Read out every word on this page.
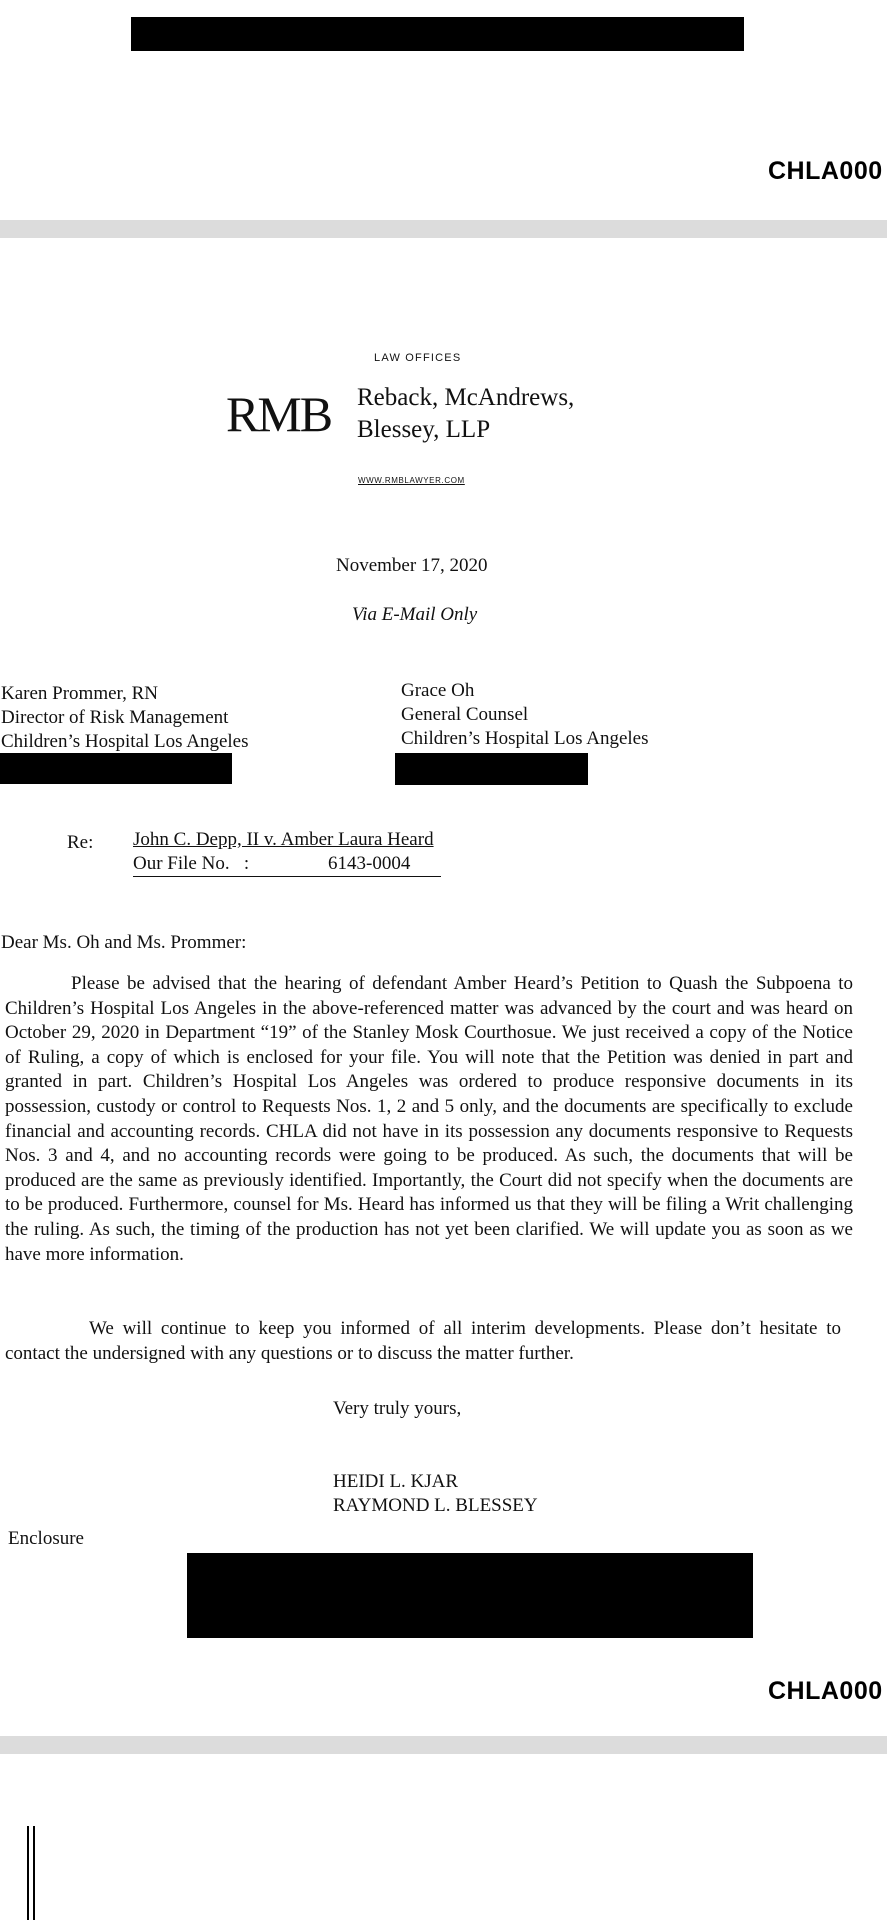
CHLA000
LAW OFFICES
RMB Reback, McAndrews,
Blessey, LLP
WWW.RMBLAWYER.COM
November 17, 2020
Via E-Mail Only
Karen Prommer, RN
Director of Risk Management
Children’s Hospital Los Angeles
Grace Oh
General Counsel
Children’s Hospital Los Angeles
Re: John C. Depp, II v. Amber Laura Heard
Our File No.   :	6143-0004
Dear Ms. Oh and Ms. Prommer:

Please be advised that the hearing of defendant Amber Heard’s Petition to Quash the Subpoena to Children’s Hospital Los Angeles in the above-referenced matter was advanced by the court and was heard on October 29, 2020 in Department “19” of the Stanley Mosk Courthosue. We just received a copy of the Notice of Ruling, a copy of which is enclosed for your file. You will note that the Petition was denied in part and granted in part. Children’s Hospital Los Angeles was ordered to produce responsive documents in its possession, custody or control to Requests Nos. 1, 2 and 5 only, and the documents are specifically to exclude financial and accounting records. CHLA did not have in its possession any documents responsive to Requests Nos. 3 and 4, and no accounting records were going to be produced. As such, the documents that will be produced are the same as previously identified. Importantly, the Court did not specify when the documents are to be produced. Furthermore, counsel for Ms. Heard has informed us that they will be filing a Writ challenging the ruling. As such, the timing of the production has not yet been clarified. We will update you as soon as we have more information.

We will continue to keep you informed of all interim developments. Please don’t hesitate to contact the undersigned with any questions or to discuss the matter further.

Very truly yours,
HEIDI L. KJAR
RAYMOND L. BLESSEY
Enclosure
CHLA000
